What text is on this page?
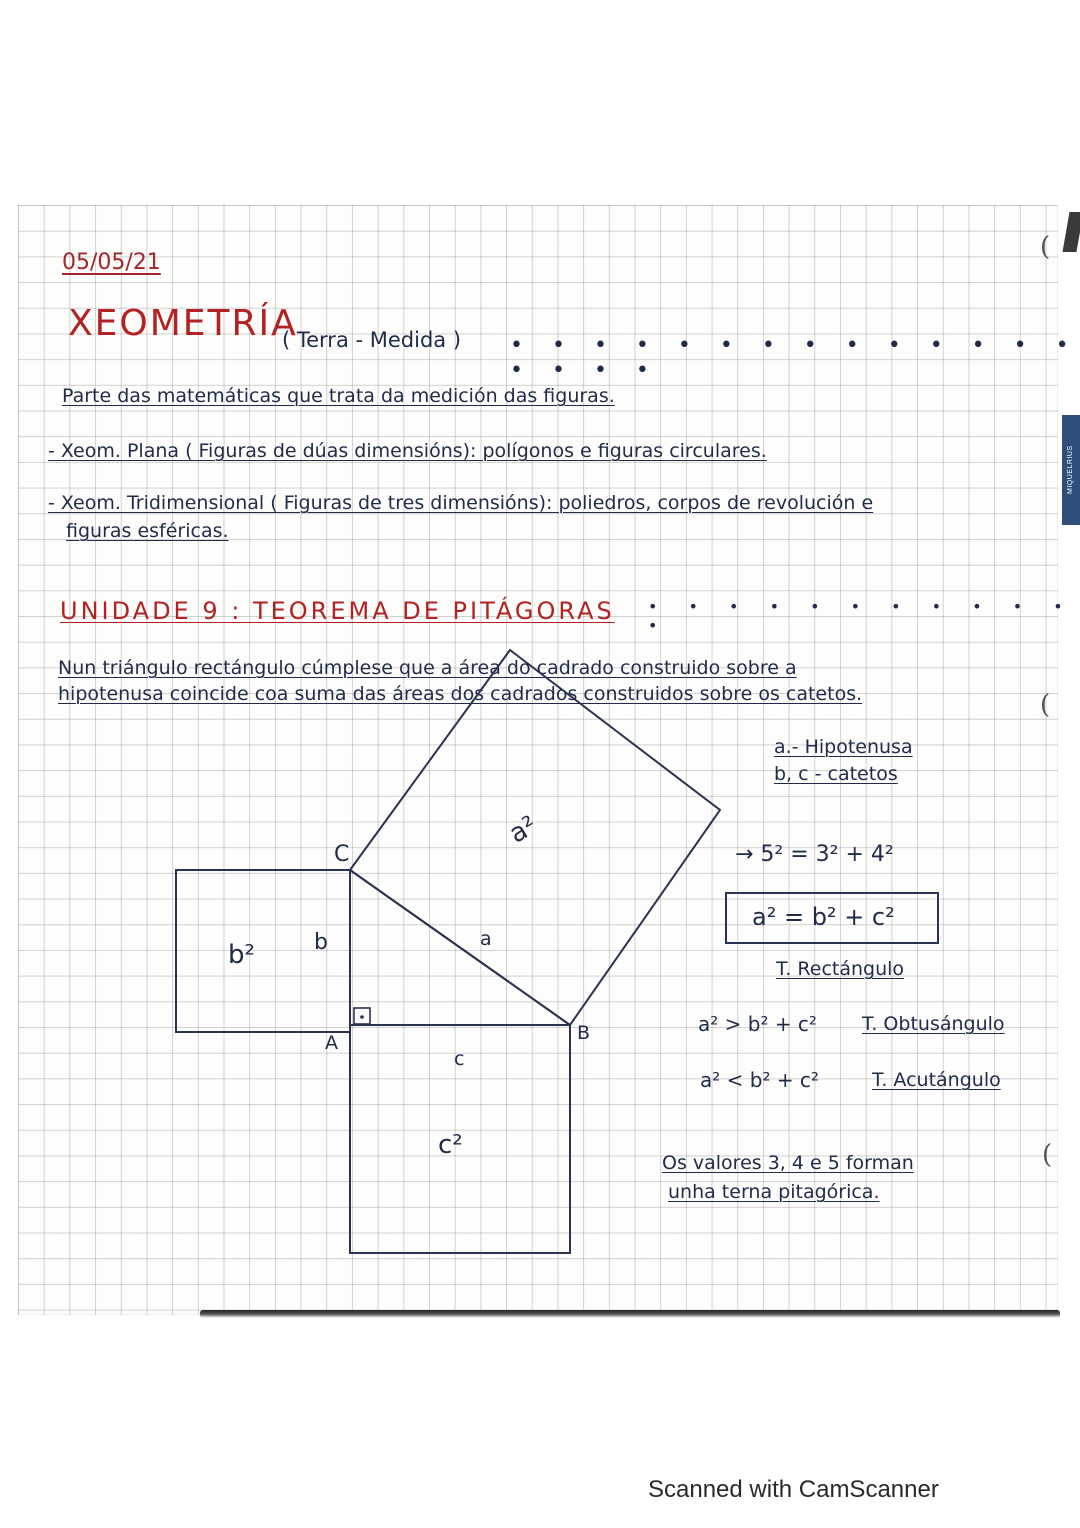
MIQUELRIUS
(
(
(
05/05/21
XEOMETRÍA
( Terra - Medida ) • • • • • • • • • • • • • • • • • •
Parte das matemáticas que trata da medición das figuras.
- Xeom. Plana ( Figuras de dúas dimensións): polígonos e figuras circulares.
- Xeom. Tridimensional ( Figuras de tres dimensións): poliedros, corpos de revolución e
figuras esféricas.
UNIDADE 9 : TEOREMA DE PITÁGORAS • • • • • • • • • • • •
Nun triángulo rectángulo cúmplese que a área do cadrado construido sobre a
hipotenusa coincide coa suma das áreas dos cadrados construidos sobre os catetos.
C
A	B
a
b
c
a²
b²
c²
a.- Hipotenusa
b, c - catetos
→ 5² = 3² + 4²
a² = b² + c²
T. Rectángulo
a² > b² + c² T. Obtusángulo
a² < b² + c²	T. Acutángulo
Os valores 3, 4 e 5 forman
unha terna pitagórica.
Scanned with CamScanner
